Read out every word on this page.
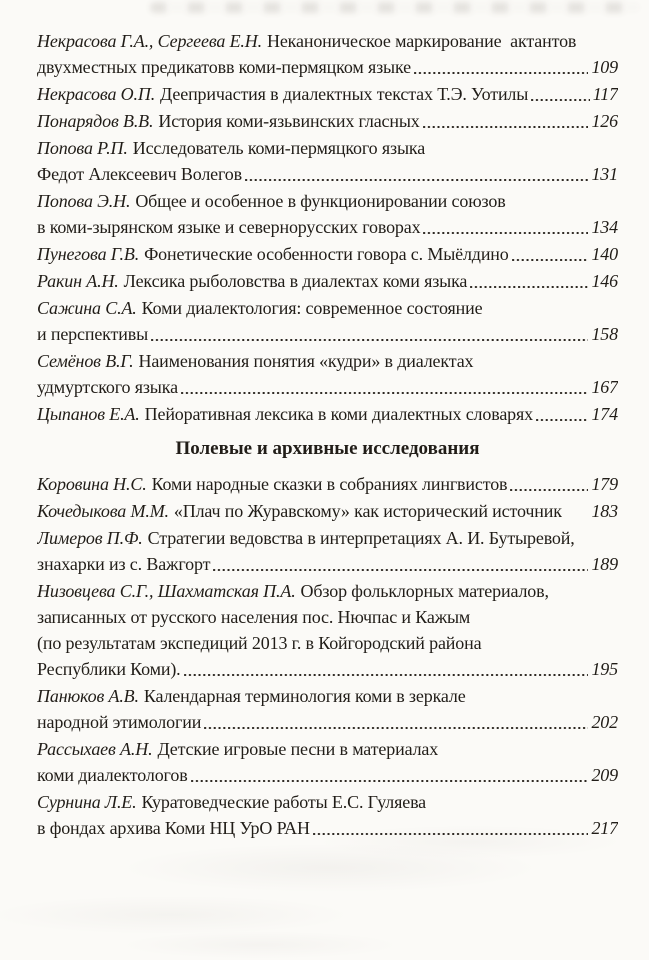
Некрасова Г.А., Сергеева Е.Н. Неканоническое маркирование  актантов
двухместных предикатовв коми-пермяцком языке	109
Некрасова О.П. Деепричастия в диалектных текстах Т.Э. Уотилы	117
Понарядов В.В. История коми-язьвинских гласных	126
Попова Р.П. Исследователь коми-пермяцкого языка
Федот Алексеевич Волегов	131
Попова Э.Н. Общее и особенное в функционировании союзов
в коми-зырянском языке и севернорусских говорах	134
Пунегова Г.В. Фонетические особенности говора с. Мыёлдино	140
Ракин А.Н. Лексика рыболовства в диалектах коми языка	146
Сажина С.А. Коми диалектология: современное состояние
и перспективы	158
Семёнов В.Г. Наименования понятия «кудри» в диалектах
удмуртского языка	167
Цыпанов Е.А. Пейоративная лексика в коми диалектных словарях	174
Полевые и архивные исследования
Коровина Н.С. Коми народные сказки в собраниях лингвистов	179
Кочедыкова М.М. «Плач по Журавскому» как исторический источник 183
Лимеров П.Ф. Стратегии ведовства в интерпретациях А. И. Бутыревой,
знахарки из с. Важгорт	189
Низовцева С.Г., Шахматская П.А. Обзор фольклорных материалов,
записанных от русского населения пос. Нючпас и Кажым
(по результатам экспедиций 2013 г. в Койгородский района
Республики Коми).	195
Панюков А.В. Календарная терминология коми в зеркале
народной этимологии	202
Рассыхаев А.Н. Детские игровые песни в материалах
коми диалектологов	209
Сурнина Л.Е. Куратоведческие работы Е.С. Гуляева
в фондах архива Коми НЦ УрО РАН	217
